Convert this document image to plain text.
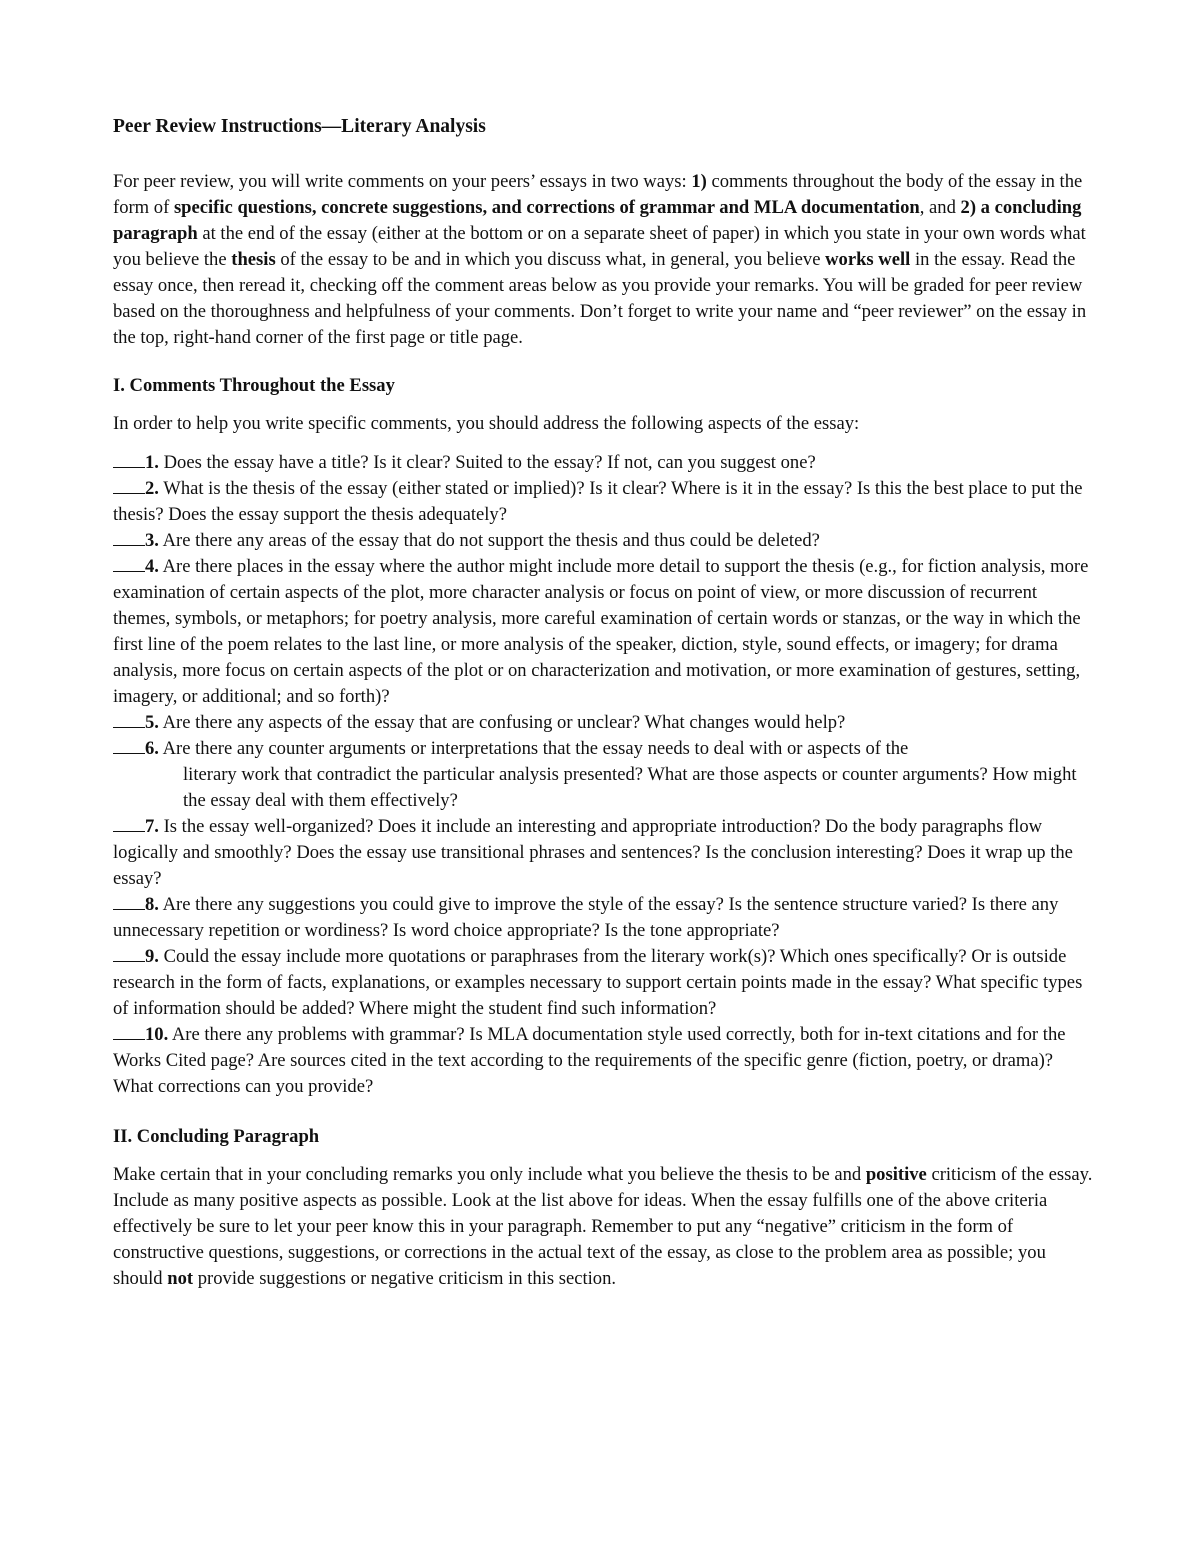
Peer Review Instructions—Literary Analysis

For peer review, you will write comments on your peers’ essays in two ways: 1) comments throughout the body of the essay in the form of specific questions, concrete suggestions, and corrections of grammar and MLA documentation, and 2) a concluding paragraph at the end of the essay (either at the bottom or on a separate sheet of paper) in which you state in your own words what you believe the thesis of the essay to be and in which you discuss what, in general, you believe works well in the essay. Read the essay once, then reread it, checking off the comment areas below as you provide your remarks. You will be graded for peer review based on the thoroughness and helpfulness of your comments. Don’t forget to write your name and “peer reviewer” on the essay in the top, right-hand corner of the first page or title page.

I. Comments Throughout the Essay

In order to help you write specific comments, you should address the following aspects of the essay:

1. Does the essay have a title? Is it clear? Suited to the essay? If not, can you suggest one?

2. What is the thesis of the essay (either stated or implied)? Is it clear? Where is it in the essay? Is this the best place to put the thesis? Does the essay support the thesis adequately?

3. Are there any areas of the essay that do not support the thesis and thus could be deleted?

4. Are there places in the essay where the author might include more detail to support the thesis (e.g., for fiction analysis, more examination of certain aspects of the plot, more character analysis or focus on point of view, or more discussion of recurrent themes, symbols, or metaphors; for poetry analysis, more careful examination of certain words or stanzas, or the way in which the first line of the poem relates to the last line, or more analysis of the speaker, diction, style, sound effects, or imagery; for drama analysis, more focus on certain aspects of the plot or on characterization and motivation, or more examination of gestures, setting, imagery, or additional; and so forth)?

5. Are there any aspects of the essay that are confusing or unclear? What changes would help?

6. Are there any counter arguments or interpretations that the essay needs to deal with or aspects of the

literary work that contradict the particular analysis presented? What are those aspects or counter arguments? How might the essay deal with them effectively?

7. Is the essay well-organized? Does it include an interesting and appropriate introduction? Do the body paragraphs flow logically and smoothly? Does the essay use transitional phrases and sentences? Is the conclusion interesting? Does it wrap up the essay?

8. Are there any suggestions you could give to improve the style of the essay? Is the sentence structure varied? Is there any unnecessary repetition or wordiness? Is word choice appropriate? Is the tone appropriate?

9. Could the essay include more quotations or paraphrases from the literary work(s)? Which ones specifically? Or is outside research in the form of facts, explanations, or examples necessary to support certain points made in the essay? What specific types of information should be added? Where might the student find such information?

10. Are there any problems with grammar? Is MLA documentation style used correctly, both for in-text citations and for the Works Cited page? Are sources cited in the text according to the requirements of the specific genre (fiction, poetry, or drama)? What corrections can you provide?

II. Concluding Paragraph

Make certain that in your concluding remarks you only include what you believe the thesis to be and positive criticism of the essay. Include as many positive aspects as possible. Look at the list above for ideas. When the essay fulfills one of the above criteria effectively be sure to let your peer know this in your paragraph. Remember to put any “negative” criticism in the form of constructive questions, suggestions, or corrections in the actual text of the essay, as close to the problem area as possible; you should not provide suggestions or negative criticism in this section.
